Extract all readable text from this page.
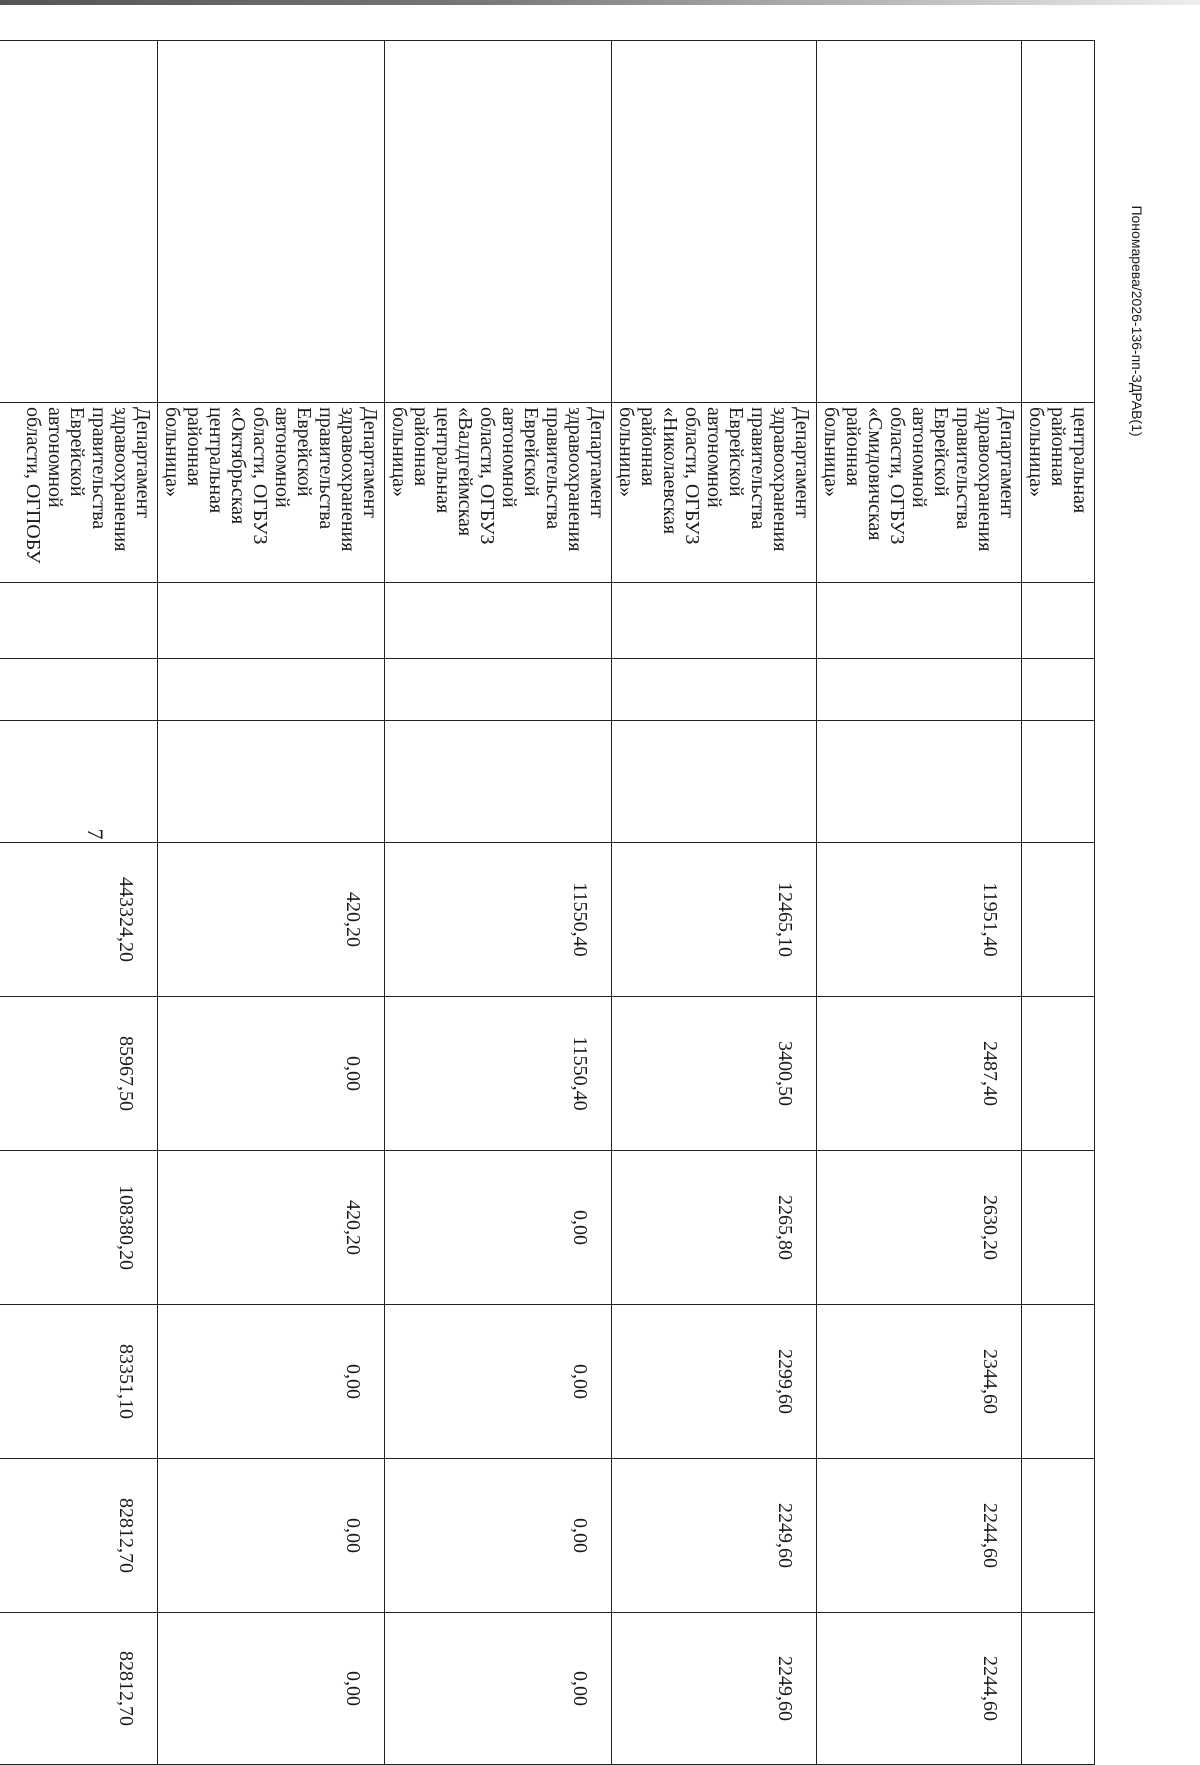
7
Пономарева/2026-136-пп-ЗДРАВ(1)
	центральная районная больница»									
	Департамент здравоохранения правительства Еврейской автономной области, ОГБУЗ «Смидовичская районная больница»				11951,40	2487,40	2630,20	2344,60	2244,60	2244,60
	Департамент здравоохранения правительства Еврейской автономной области, ОГБУЗ «Николаевская районная больница»				12465,10	3400,50	2265,80	2299,60	2249,60	2249,60
	Департамент здравоохранения правительства Еврейской автономной области, ОГБУЗ «Валдгеймская центральная районная больница»				11550,40	11550,40	0,00	0,00	0,00	0,00
	Департамент здравоохранения правительства Еврейской автономной области, ОГБУЗ «Октябрьская центральная районная больница»				420,20	0,00	420,20	0,00	0,00	0,00
	Департамент здравоохранения правительства Еврейской автономной области, ОГПОБУ				443324,20	85967,50	108380,20	83351,10	82812,70	82812,70
